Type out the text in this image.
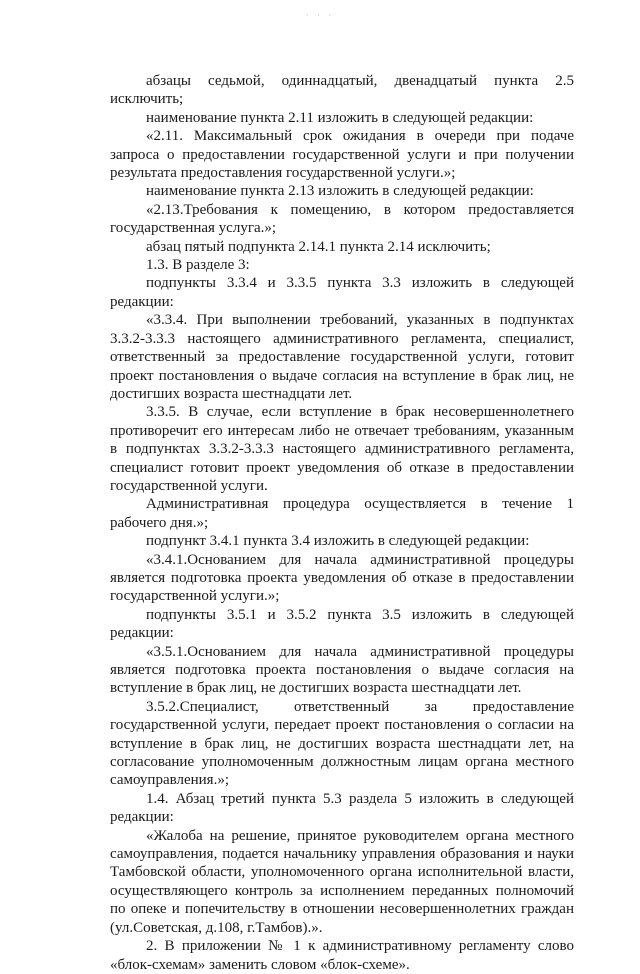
· · ·

абзацы седьмой, одиннадцатый, двенадцатый пункта 2.5 исключить;

наименование пункта 2.11 изложить в следующей редакции:

«2.11. Максимальный срок ожидания в очереди при подаче запроса о предоставлении государственной услуги и при получении результата предоставления государственной услуги.»;

наименование пункта 2.13 изложить в следующей редакции:

«2.13.Требования к помещению, в котором предоставляется государственная услуга.»;

абзац пятый подпункта 2.14.1 пункта 2.14 исключить;

1.3. В разделе 3:

подпункты 3.3.4 и 3.3.5 пункта 3.3 изложить в следующей редакции:

«3.3.4. При выполнении требований, указанных в подпунктах 3.3.2-3.3.3 настоящего административного регламента, специалист, ответственный за предоставление государственной услуги, готовит проект постановления о выдаче согласия на вступление в брак лиц, не достигших возраста шестнадцати лет.

3.3.5. В случае, если вступление в брак несовершеннолетнего противоречит его интересам либо не отвечает требованиям, указанным в подпунктах 3.3.2-3.3.3 настоящего административного регламента, специалист готовит проект уведомления об отказе в предоставлении государственной услуги.

Административная процедура осуществляется в течение 1 рабочего дня.»;

подпункт 3.4.1 пункта 3.4 изложить в следующей редакции:

«3.4.1.Основанием для начала административной процедуры является подготовка проекта уведомления об отказе в предоставлении государственной услуги.»;

подпункты 3.5.1 и 3.5.2 пункта 3.5 изложить в следующей редакции:

«3.5.1.Основанием для начала административной процедуры является подготовка проекта постановления о выдаче согласия на вступление в брак лиц, не достигших возраста шестнадцати лет.

3.5.2.Специалист, ответственный за предоставление государственной услуги, передает проект постановления о согласии на вступление в брак лиц, не достигших возраста шестнадцати лет, на согласование уполномоченным должностным лицам органа местного самоуправления.»;

1.4. Абзац третий пункта 5.3 раздела 5 изложить в следующей редакции:

«Жалоба на решение, принятое руководителем органа местного самоуправления, подается начальнику управления образования и науки Тамбовской области, уполномоченного органа исполнительной власти, осуществляющего контроль за исполнением переданных полномочий по опеке и попечительству в отношении несовершеннолетних граждан (ул.Советская, д.108, г.Тамбов).».

2. В приложении № 1 к административному регламенту слово «блок-схемам» заменить словом «блок-схеме».
